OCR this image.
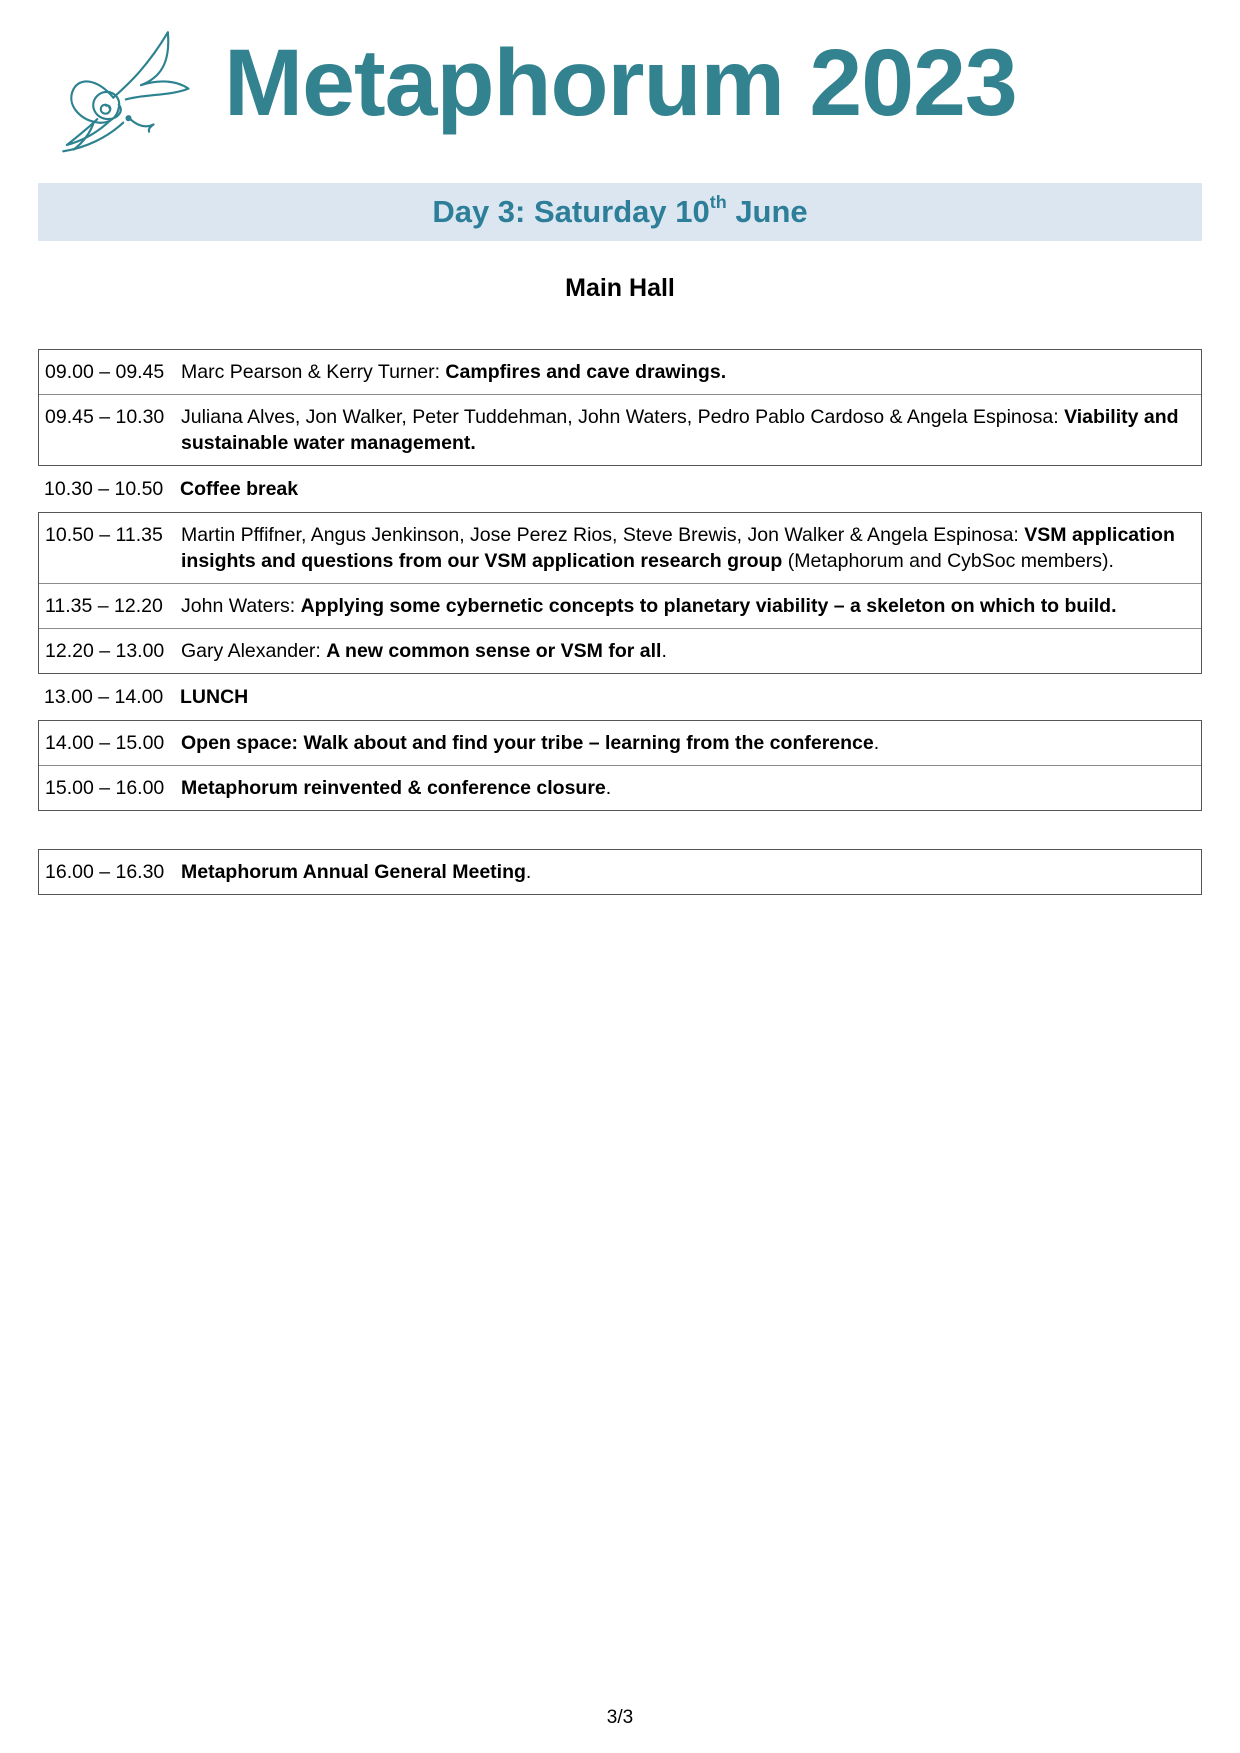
Metaphorum 2023
Day 3: Saturday 10th June
Main Hall
09.00 – 09.45 Marc Pearson & Kerry Turner: Campfires and cave drawings.
09.45 – 10.30 Juliana Alves, Jon Walker, Peter Tuddehman, John Waters, Pedro Pablo Cardoso & Angela Espinosa: Viability and sustainable water management.
10.30 – 10.50 Coffee break
10.50 – 11.35 Martin Pffifner, Angus Jenkinson, Jose Perez Rios, Steve Brewis, Jon Walker & Angela Espinosa: VSM application insights and questions from our VSM application research group (Metaphorum and CybSoc members).
11.35 – 12.20 John Waters: Applying some cybernetic concepts to planetary viability – a skeleton on which to build.
12.20 – 13.00 Gary Alexander: A new common sense or VSM for all.
13.00 – 14.00 LUNCH
14.00 – 15.00 Open space: Walk about and find your tribe – learning from the conference.
15.00 – 16.00 Metaphorum reinvented & conference closure.
16.00 – 16.30 Metaphorum Annual General Meeting.
3/3
